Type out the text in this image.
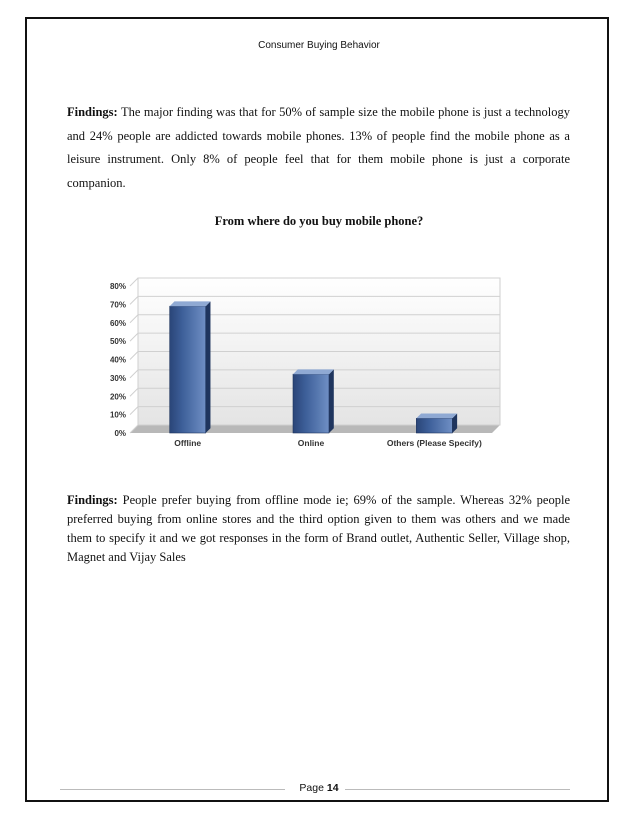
Consumer Buying Behavior

Findings: The major finding was that for 50% of sample size the mobile phone is just a technology and 24% people are addicted towards mobile phones. 13% of people find the mobile phone as a leisure instrument. Only 8% of people feel that for them mobile phone is just a corporate companion.

From where do you buy mobile phone?
0%
10%
20%
30%
40%
50%
60%
70%
80%
Offline	Online	Others (Please Specify)

Findings: People prefer buying from offline mode ie; 69% of the sample. Whereas 32% people preferred buying from online stores and the third option given to them was others and we made them to specify it and we got responses in the form of Brand outlet, Authentic Seller, Village shop, Magnet and Vijay Sales

Page 14
